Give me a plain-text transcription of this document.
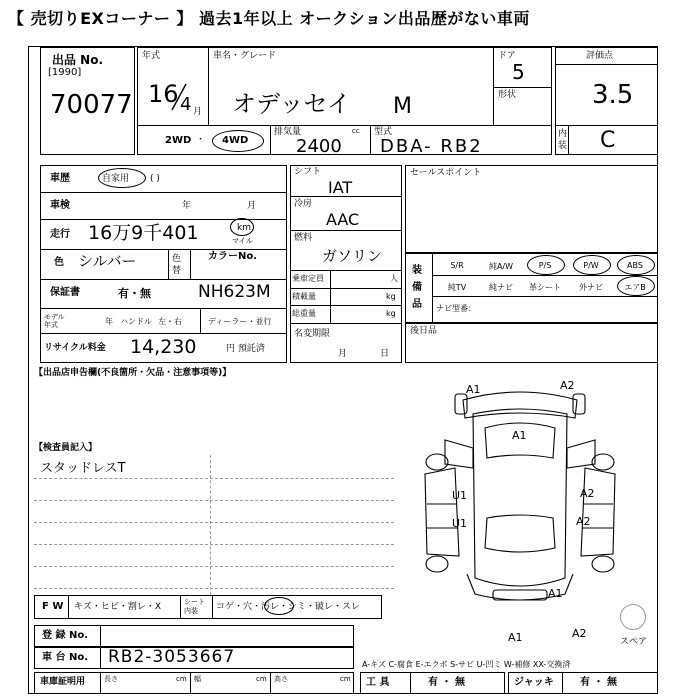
【 売切りEXコーナー 】 過去1年以上 オークション出品歴がない車両
出品 No.
[1990]
70077
年式
16 4 月
車名・グレード
オデッセイ M
ドア
5
形状
2WD ・ 4WD
排気量	cc
2400
型式
DBA- RB2
評価点
3.5
内装 C
車歴	自家用 ( )
車検	年	月
走行 16万9千401	km
マイル
色 シルバー	色替
カラーNo.
保証書	有・無	NH623M
モデル年式	年 ハンドル 左・右	ディーラー・並行
リサイクル料金 14,230	円 預託済
シフト
IAT
冷房
AAC
燃料
ガソリン
乗車定員	人
積載量	kg
総重量	kg
名変期限
月	日
セールスポイント
装備品 ナビ型番：
S/R	純A/W	P/S	P/W	ABS
純TV	純ナビ	革シート	外ナビ	エアB
後日品
【出品店申告欄(不良箇所・欠品・注意事項等)】
【検査員記入】
スタッドレスT
A1	A2
A1
U1
U1
A2
A2
A1
A1	A2
スペア
F W キズ・ヒビ・割レ・X	シート内装	コゲ・穴・汚レ・シミ・破レ・スレ
登 録 No.
車 台 No. RB2-3053667
車庫証明用	長さ	cm 幅	cm 高さ	cm
A-キズ C-腐食 E-エクボ S-サビ U-凹ミ W-補修 XX-交換済
工 具	有 ・ 無	ジャッキ	有 ・ 無
